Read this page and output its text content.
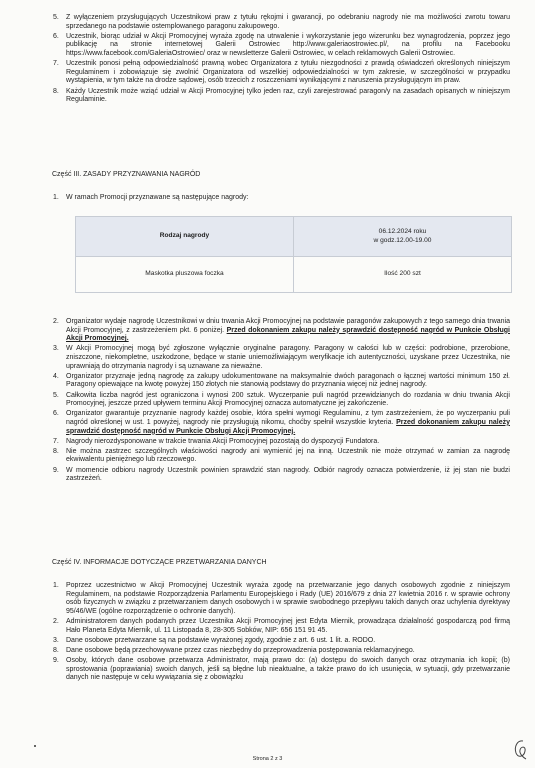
5. Z wyłączeniem przysługujących Uczestnikowi praw z tytułu rękojmi i gwarancji, po odebraniu nagrody nie ma możliwości zwrotu towaru sprzedanego na podstawie ostemplowanego paragonu zakupowego.
6. Uczestnik, biorąc udział w Akcji Promocyjnej wyraża zgodę na utrwalenie i wykorzystanie jego wizerunku bez wynagrodzenia, poprzez jego publikację na stronie internetowej Galerii Ostrowiec http://www.galeriaostrowiec.pl/, na profilu na Facebooku https://www.facebook.com/GaleriaOstrowiec/ oraz w newsletterze Galerii Ostrowiec, w celach reklamowych Galerii Ostrowiec.
7. Uczestnik ponosi pełną odpowiedzialność prawną wobec Organizatora z tytułu niezgodności z prawdą oświadczeń określonych niniejszym Regulaminem i zobowiązuje się zwolnić Organizatora od wszelkiej odpowiedzialności w tym zakresie, w szczególności w przypadku wystąpienia, w tym także na drodze sądowej, osób trzecich z roszczeniami wynikającymi z naruszenia przysługującym im praw.
8. Każdy Uczestnik może wziąć udział w Akcji Promocyjnej tylko jeden raz, czyli zarejestrować paragon/y na zasadach opisanych w niniejszym Regulaminie.
Część III. ZASADY PRZYZNAWANIA NAGRÓD
1. W ramach Promocji przyznawane są następujące nagrody:
Rodzaj nagrody	06.12.2024 roku
w godz.12.00-19.00

Maskotka pluszowa foczka	Ilość 200 szt
2. Organizator wydaje nagrodę Uczestnikowi w dniu trwania Akcji Promocyjnej na podstawie paragonów zakupowych z tego samego dnia trwania Akcji Promocyjnej, z zastrzeżeniem pkt. 6 poniżej. Przed dokonaniem zakupu należy sprawdzić dostępność nagród w Punkcie Obsługi Akcji Promocyjnej.
3. W Akcji Promocyjnej mogą być zgłoszone wyłącznie oryginalne paragony. Paragony w całości lub w części: podrobione, przerobione, zniszczone, niekompletne, uszkodzone, będące w stanie uniemożliwiającym weryfikacje ich autentyczności, uzyskane przez Uczestnika, nie uprawniają do otrzymania nagrody i są uznawane za nieważne.
4. Organizator przyznaje jedną nagrodę za zakupy udokumentowane na maksymalnie dwóch paragonach o łącznej wartości minimum 150 zł. Paragony opiewające na kwotę powyżej 150 złotych nie stanowią podstawy do przyznania więcej niż jednej nagrody.
5. Całkowita liczba nagród jest ograniczona i wynosi 200 sztuk. Wyczerpanie puli nagród przewidzianych do rozdania w dniu trwania Akcji Promocyjnej, jeszcze przed upływem terminu Akcji Promocyjnej oznacza automatyczne jej zakończenie.
6. Organizator gwarantuje przyznanie nagrody każdej osobie, która spełni wymogi Regulaminu, z tym zastrzeżeniem, że po wyczerpaniu puli nagród określonej w ust. 1 powyżej, nagrody nie przysługują nikomu, choćby spełnił wszystkie kryteria. Przed dokonaniem zakupu należy sprawdzić dostępność nagród w Punkcie Obsługi Akcji Promocyjnej.
7. Nagrody nierozdysponowane w trakcie trwania Akcji Promocyjnej pozostają do dyspozycji Fundatora.
8. Nie można zastrzec szczególnych właściwości nagrody ani wymienić jej na inną. Uczestnik nie może otrzymać w zamian za nagrodę ekwiwalentu pieniężnego lub rzeczowego.
9. W momencie odbioru nagrody Uczestnik powinien sprawdzić stan nagrody. Odbiór nagrody oznacza potwierdzenie, iż jej stan nie budzi zastrzeżeń.
Część IV. INFORMACJE DOTYCZĄCE PRZETWARZANIA DANYCH
1. Poprzez uczestnictwo w Akcji Promocyjnej Uczestnik wyraża zgodę na przetwarzanie jego danych osobowych zgodnie z niniejszym Regulaminem, na podstawie Rozporządzenia Parlamentu Europejskiego i Rady (UE) 2016/679 z dnia 27 kwietnia 2016 r. w sprawie ochrony osób fizycznych w związku z przetwarzaniem danych osobowych i w sprawie swobodnego przepływu takich danych oraz uchylenia dyrektywy 95/46/WE (ogólne rozporządzenie o ochronie danych).
2. Administratorem danych podanych przez Uczestnika Akcji Promocyjnej jest Edyta Miernik, prowadząca działalność gospodarczą pod firmą Hało Planeta Edyta Miernik, ul. 11 Listopada 8, 28-305 Sobków, NIP: 656 151 91 45.
3. Dane osobowe przetwarzane są na podstawie wyrażonej zgody, zgodnie z art. 6 ust. 1 lit. a. RODO.
8. Dane osobowe będą przechowywane przez czas niezbędny do przeprowadzenia postępowania reklamacyjnego.
9. Osoby, których dane osobowe przetwarza Administrator, mają prawo do: (a) dostępu do swoich danych oraz otrzymania ich kopii; (b) sprostowania (poprawiania) swoich danych, jeśli są błędne lub nieaktualne, a także prawo do ich usunięcia, w sytuacji, gdy przetwarzanie danych nie następuje w celu wywiązania się z obowiązku
Strona 2 z 3
